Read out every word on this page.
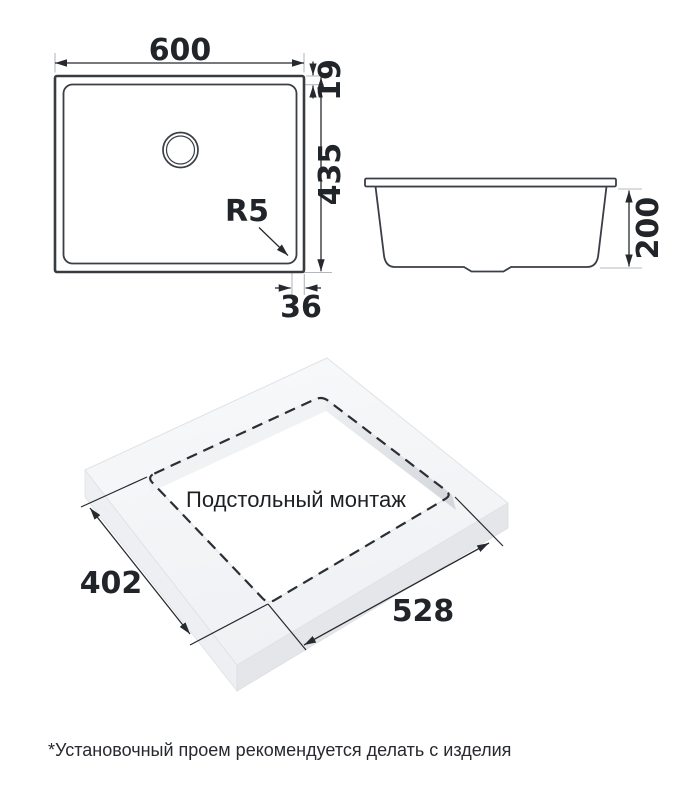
600
19
435
R5
36
200
Подстольный монтаж
402
528
*Установочный проем рекомендуется делать с изделия
